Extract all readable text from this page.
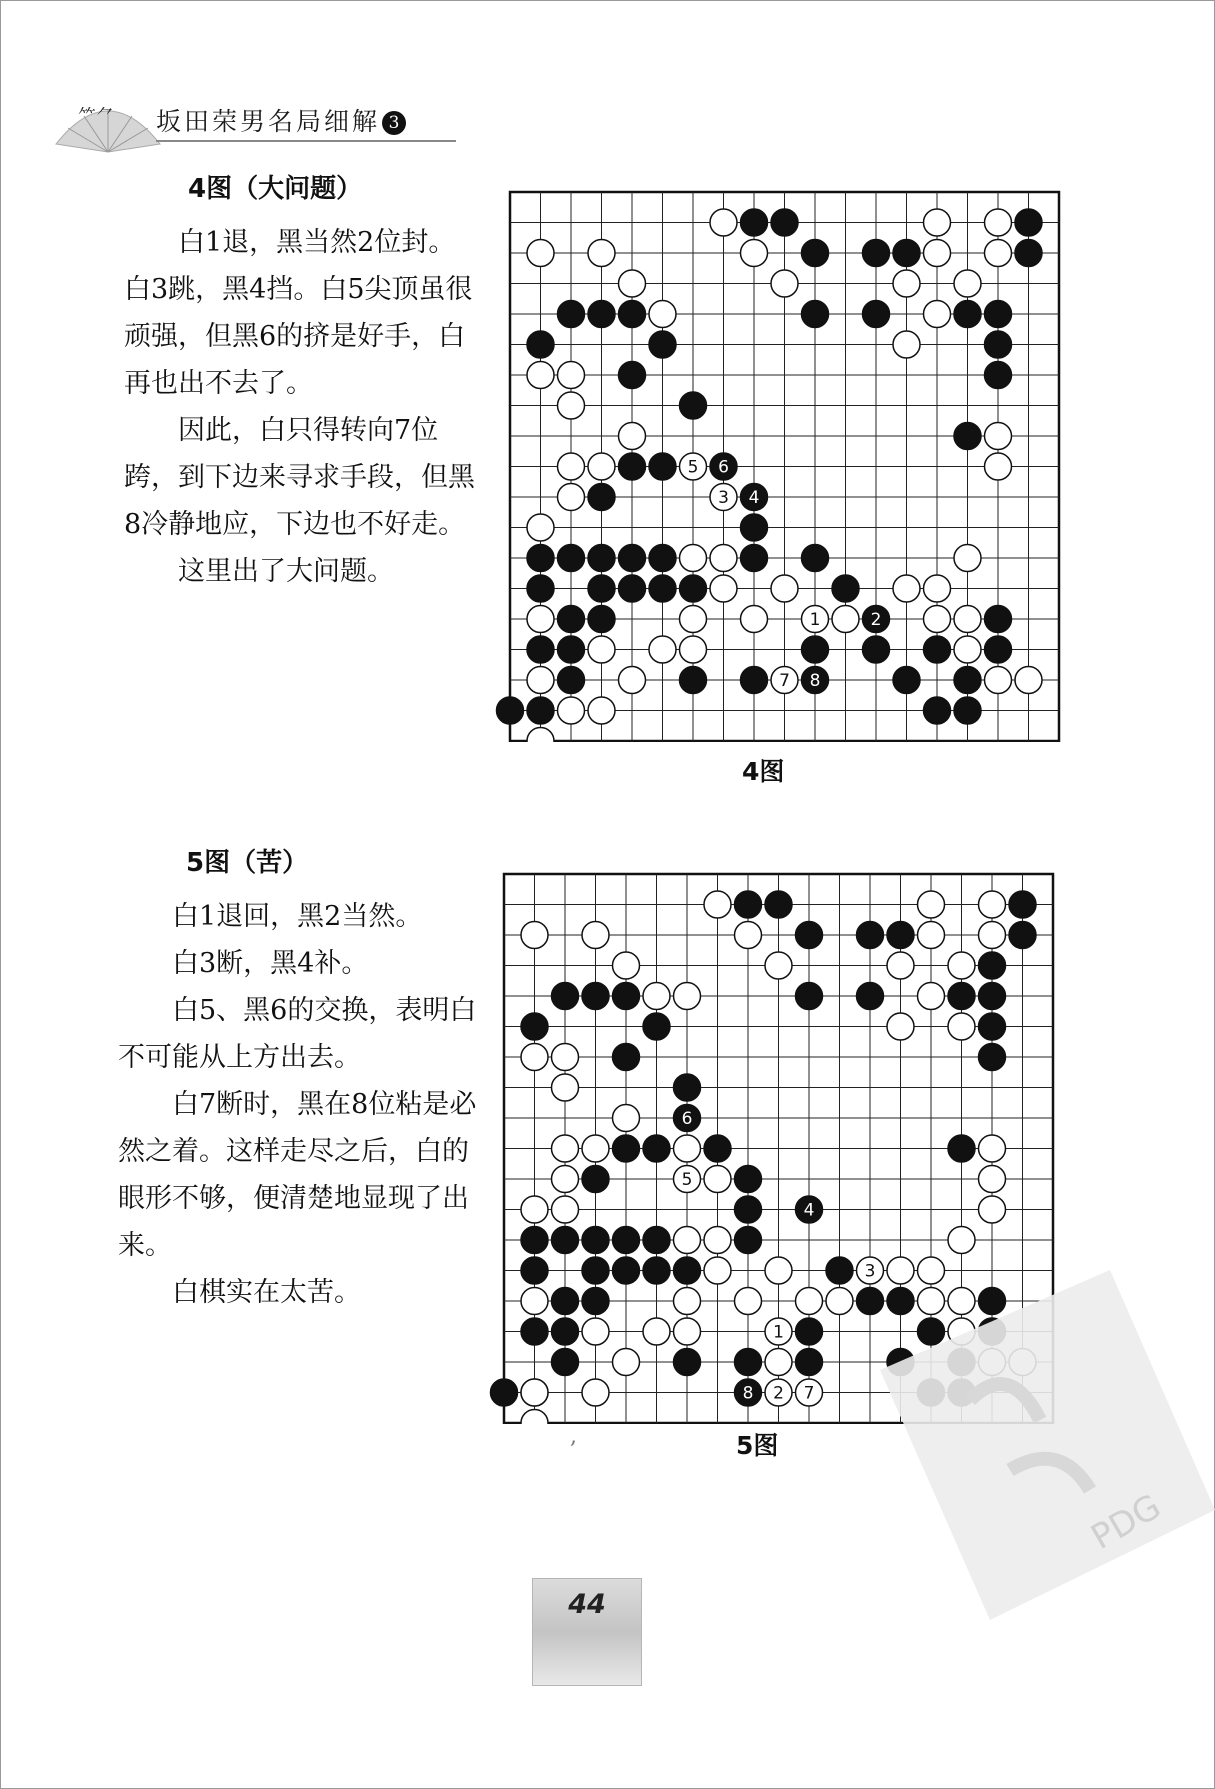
⺮⺈ 坂田荣男名局细解 3
4图（大问题）

白1退，黑当然2位封。白3跳，黑4挡。白5尖顶虽很顽强，但黑6的挤是好手，白再也出不去了。

因此，白只得转向7位跨，到下边来寻求手段，但黑8冷静地应，下边也不好走。

这里出了大问题。

1	2
3 4
5 6
7 8
4图
5图（苦）

白1退回，黑2当然。

白3断，黑4补。

白5、黑6的交换，表明白不可能从上方出去。

白7断时，黑在8位粘是必然之着。这样走尽之后，白的眼形不够，便清楚地显现了出来。

白棋实在太苦。

1
2
3
4
5
6
7
8
5图
,
PDG
44
